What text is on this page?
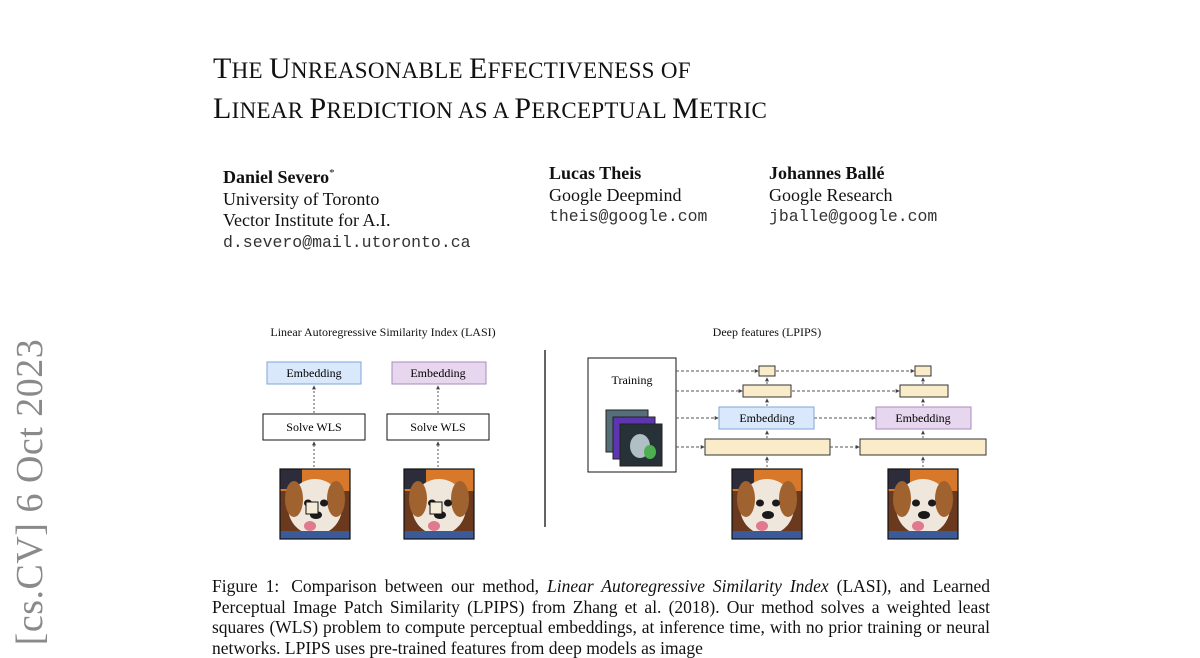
[cs.CV] 6 Oct 2023
THE UNREASONABLE EFFECTIVENESS OF
LINEAR PREDICTION AS A PERCEPTUAL METRIC
Daniel Severo*
University of Toronto
Vector Institute for A.I.
d.severo@mail.utoronto.ca
Lucas Theis
Google Deepmind
theis@google.com
Johannes Ballé
Google Research
jballe@google.com
Linear Autoregressive Similarity Index (LASI)	Deep features (LPIPS)
Embedding
Solve WLS
Embedding
Solve WLS
Training
Embedding	Embedding
Figure 1: Comparison between our method, Linear Autoregressive Similarity Index (LASI), and Learned Perceptual Image Patch Similarity (LPIPS) from Zhang et al. (2018). Our method solves a weighted least squares (WLS) problem to compute perceptual embeddings, at inference time, with no prior training or neural networks. LPIPS uses pre-trained features from deep models as image
